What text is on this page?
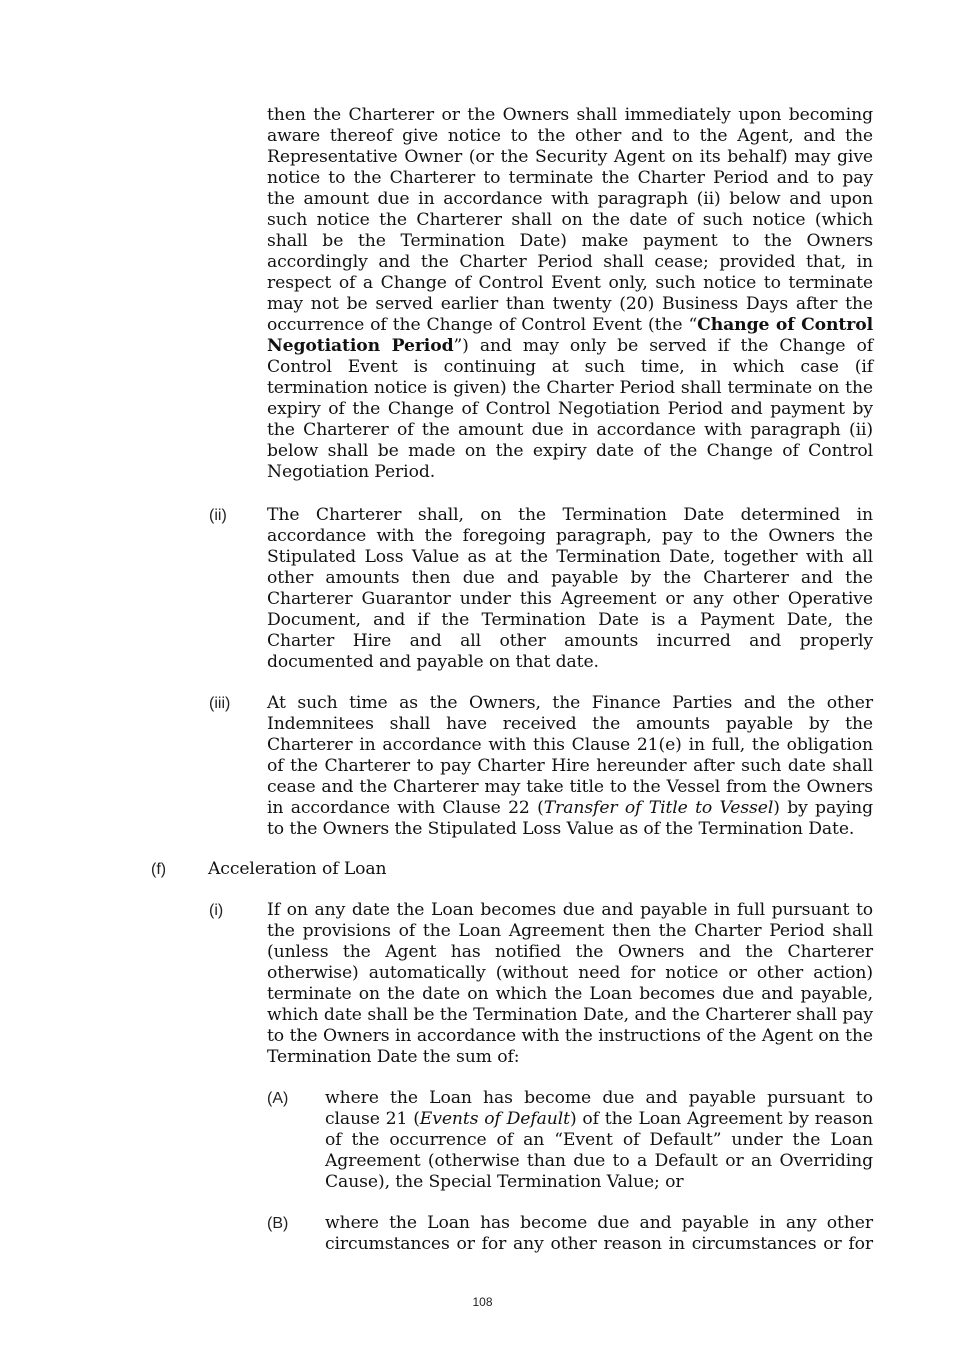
then the Charterer or the Owners shall immediately upon becoming aware thereof give notice to the other and to the Agent, and the Representative Owner (or the Security Agent on its behalf) may give notice to the Charterer to terminate the Charter Period and to pay the amount due in accordance with paragraph (ii) below and upon such notice the Charterer shall on the date of such notice (which shall be the Termination Date) make payment to the Owners accordingly and the Charter Period shall cease; provided that, in respect of a Change of Control Event only, such notice to terminate may not be served earlier than twenty (20) Business Days after the occurrence of the Change of Control Event (the “Change of Control Negotiation Period”) and may only be served if the Change of Control Event is continuing at such time, in which case (if termination notice is given) the Charter Period shall terminate on the expiry of the Change of Control Negotiation Period and payment by the Charterer of the amount due in accordance with paragraph (ii) below shall be made on the expiry date of the Change of Control Negotiation Period.

(ii) The Charterer shall, on the Termination Date determined in accordance with the foregoing paragraph, pay to the Owners the Stipulated Loss Value as at the Termination Date, together with all other amounts then due and payable by the Charterer and the Charterer Guarantor under this Agreement or any other Operative Document, and if the Termination Date is a Payment Date, the Charter Hire and all other amounts incurred and properly documented and payable on that date.

(iii) At such time as the Owners, the Finance Parties and the other Indemnitees shall have received the amounts payable by the Charterer in accordance with this Clause 21(e) in full, the obligation of the Charterer to pay Charter Hire hereunder after such date shall cease and the Charterer may take title to the Vessel from the Owners in accordance with Clause 22 (Transfer of Title to Vessel) by paying to the Owners the Stipulated Loss Value as of the Termination Date.

(f) Acceleration of Loan

(i)	If on any date the Loan becomes due and payable in full pursuant to the provisions of the Loan Agreement then the Charter Period shall (unless the Agent has notified the Owners and the Charterer otherwise) automatically (without need for notice or other action) terminate on the date on which the Loan becomes due and payable, which date shall be the Termination Date, and the Charterer shall pay to the Owners in accordance with the instructions of the Agent on the Termination Date the sum of:

(A) where the Loan has become due and payable pursuant to clause 21 (Events of Default) of the Loan Agreement by reason of the occurrence of an “Event of Default” under the Loan Agreement (otherwise than due to a Default or an Overriding Cause), the Special Termination Value; or

(B) where the Loan has become due and payable in any other circumstances or for any other reason in circumstances or for

108
